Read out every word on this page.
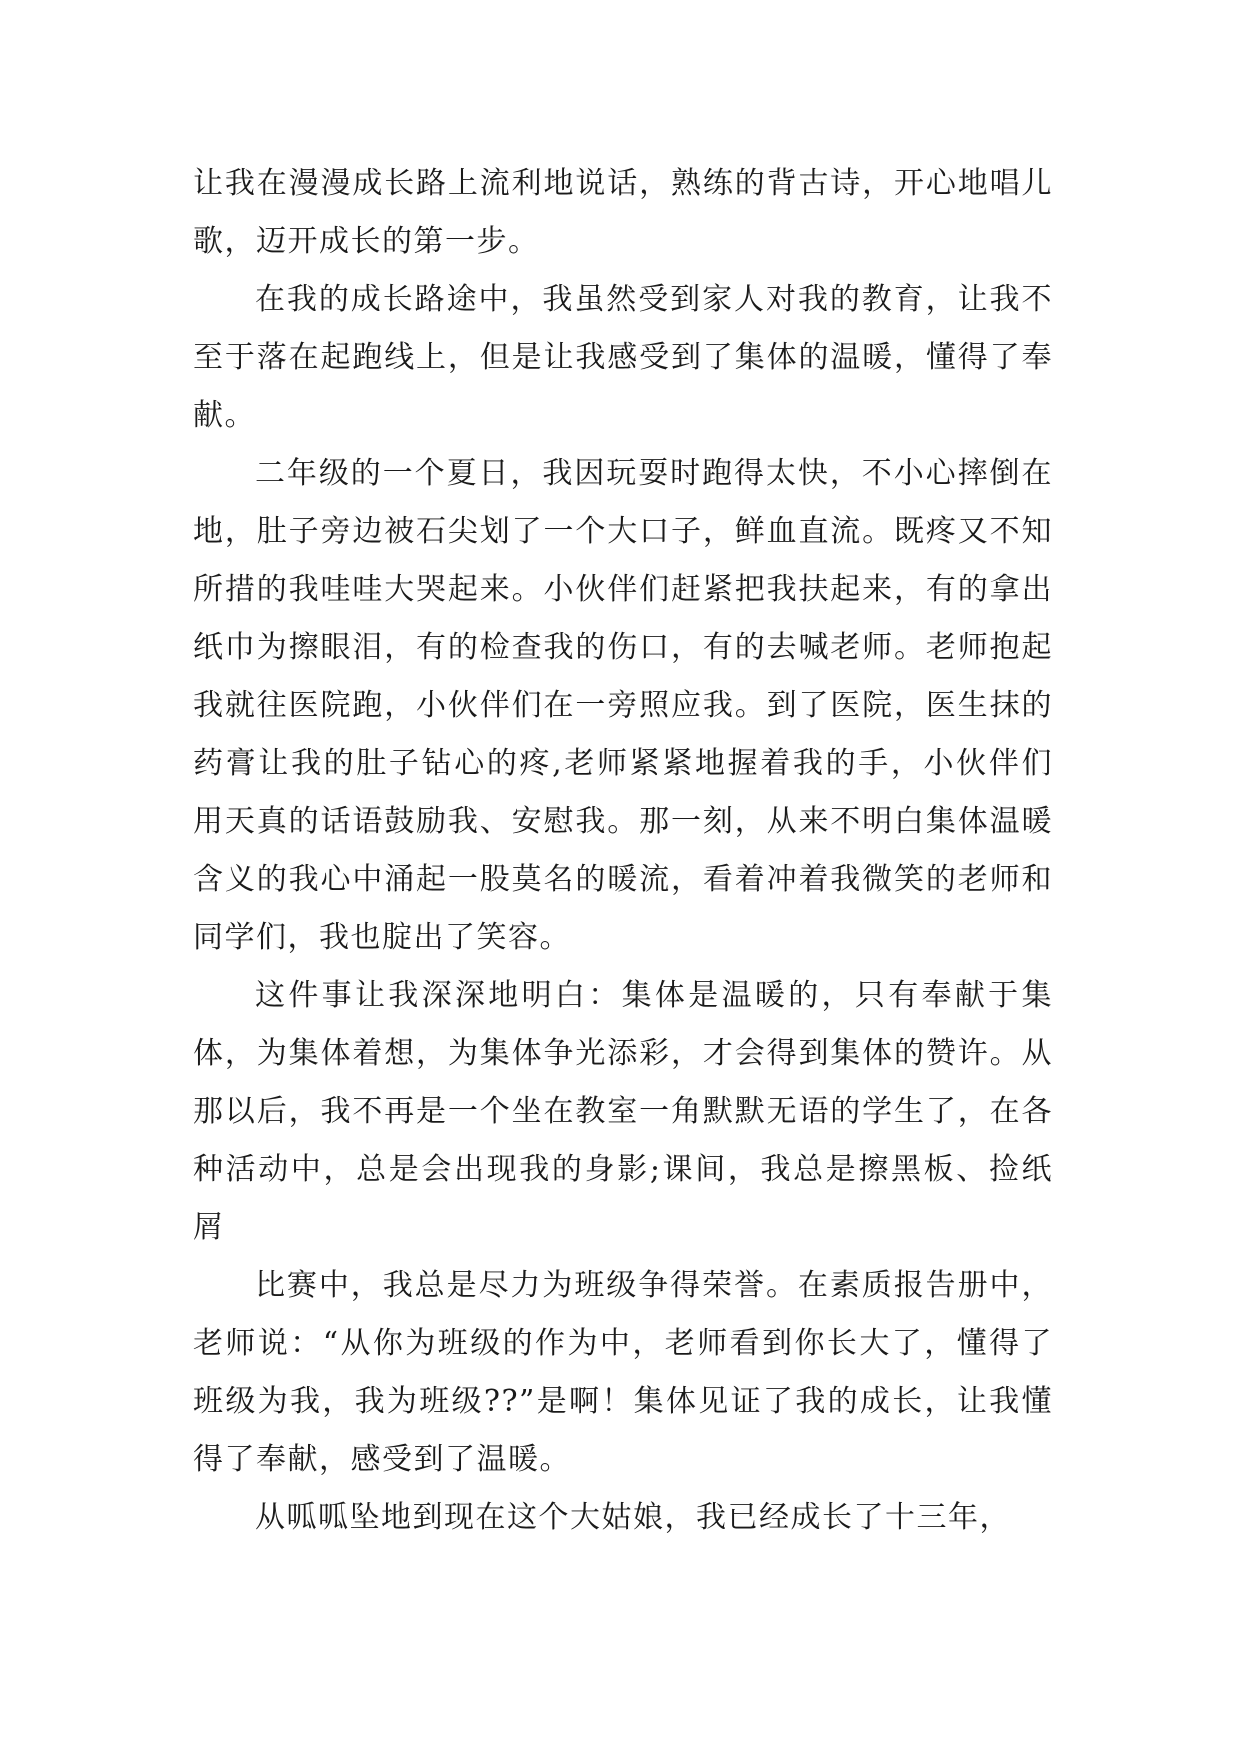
让我在漫漫成长路上流利地说话，熟练的背古诗，开心地唱儿歌，迈开成长的第一步。

在我的成长路途中，我虽然受到家人对我的教育，让我不至于落在起跑线上，但是让我感受到了集体的温暖，懂得了奉献。

二年级的一个夏日，我因玩耍时跑得太快，不小心摔倒在地，肚子旁边被石尖划了一个大口子，鲜血直流。既疼又不知所措的我哇哇大哭起来。小伙伴们赶紧把我扶起来，有的拿出纸巾为擦眼泪，有的检查我的伤口，有的去喊老师。老师抱起我就往医院跑，小伙伴们在一旁照应我。到了医院，医生抹的药膏让我的肚子钻心的疼,老师紧紧地握着我的手，小伙伴们用天真的话语鼓励我、安慰我。那一刻，从来不明白集体温暖含义的我心中涌起一股莫名的暖流，看着冲着我微笑的老师和同学们，我也腚出了笑容。

这件事让我深深地明白：集体是温暖的，只有奉献于集体，为集体着想，为集体争光添彩，才会得到集体的赞许。从那以后，我不再是一个坐在教室一角默默无语的学生了，在各种活动中，总是会出现我的身影;课间，我总是擦黑板、捡纸屑

比赛中，我总是尽力为班级争得荣誉。在素质报告册中，老师说：“从你为班级的作为中，老师看到你长大了，懂得了班级为我，我为班级??”是啊！集体见证了我的成长，让我懂得了奉献，感受到了温暖。

从呱呱坠地到现在这个大姑娘，我已经成长了十三年，
